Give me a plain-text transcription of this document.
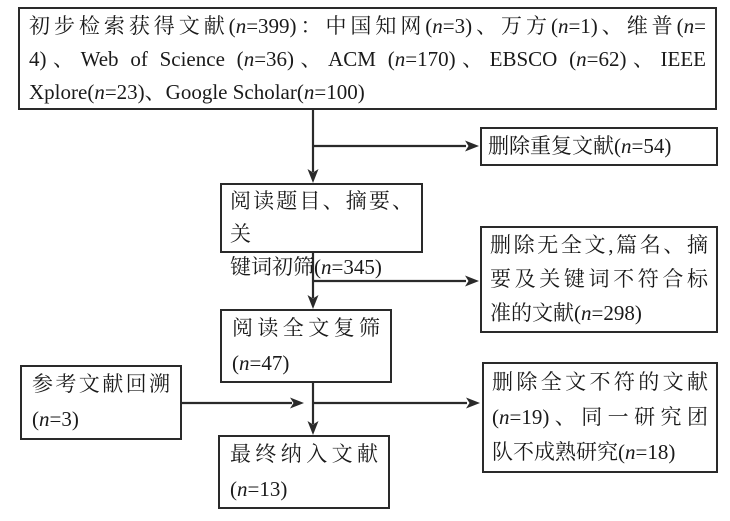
初步检索获得文献(n=399)：中国知网(n=3)、万方(n=1)、维普(n=
4)、Web of Science (n=36)、ACM (n=170)、EBSCO (n=62)、IEEE
Xplore(n=23)、Google Scholar(n=100)
删除重复文献(n=54)
阅读题目、摘要、关
键词初筛(n=345)
删除无全文,篇名、摘
要及关键词不符合标
准的文献(n=298)
阅读全文复筛
(n=47)
参考文献回溯
(n=3)
最终纳入文献
(n=13)
删除全文不符的文献
(n=19)、同一研究团
队不成熟研究(n=18)
